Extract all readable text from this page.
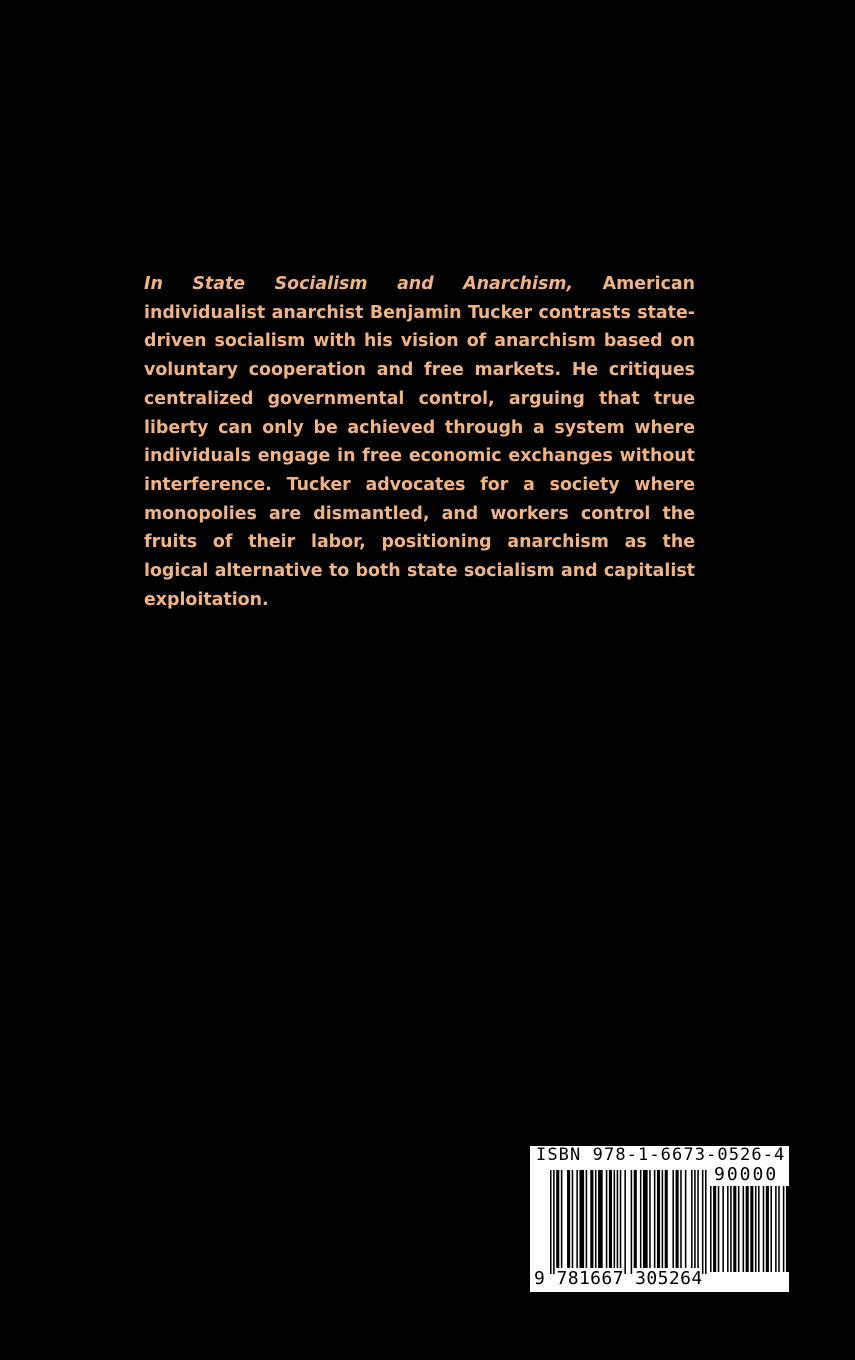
In State Socialism and Anarchism, American individualist anarchist Benjamin Tucker contrasts state-driven socialism with his vision of anarchism based on voluntary cooperation and free markets. He critiques centralized governmental control, arguing that true liberty can only be achieved through a system where individuals engage in free economic exchanges without interference. Tucker advocates for a society where monopolies are dismantled, and workers control the fruits of their labor, positioning anarchism as the logical alternative to both state socialism and capitalist exploitation.

ISBN 978-1-6673-0526-4
90000
9 781667 305264
